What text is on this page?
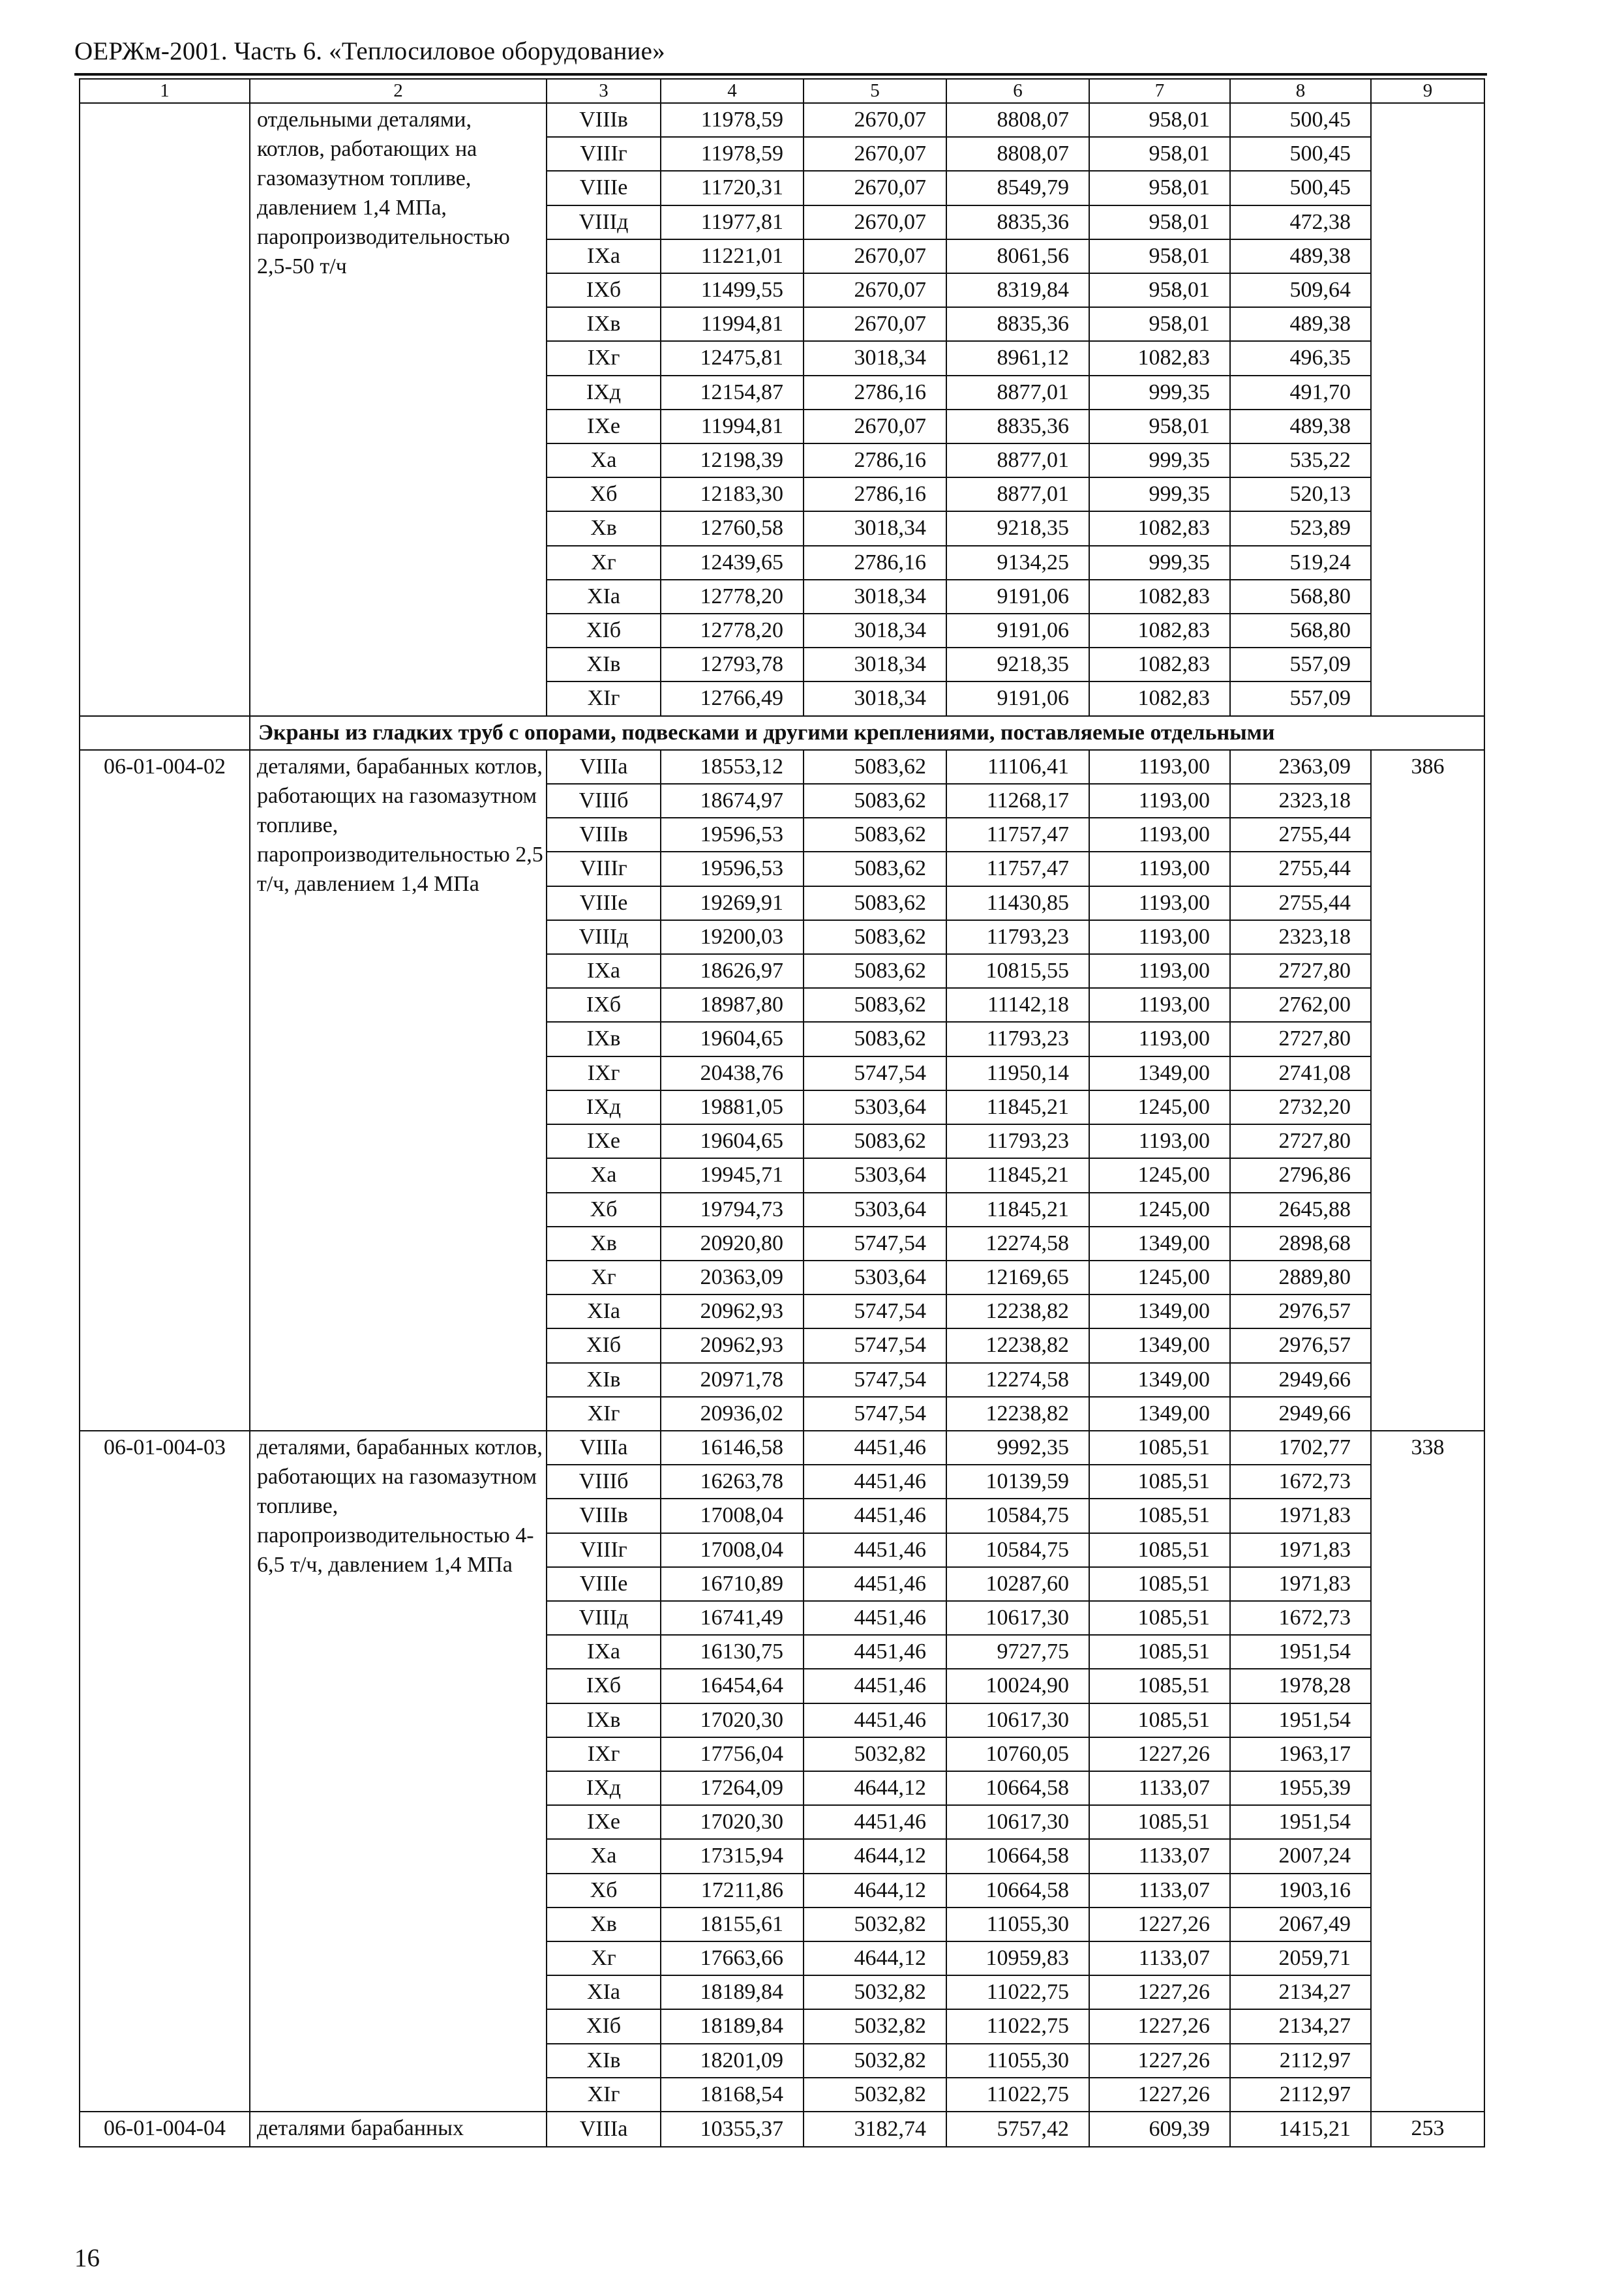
ОЕРЖм-2001. Часть 6. «Теплосиловое оборудование»
1	2	3	4	5	6	7	8	9
	отдельными деталями, котлов, работающих на газомазутном топливе, давлением 1,4 МПа, паропроизводительностью 2,5-50 т/ч	VIIIв	11978,59	2670,07	8808,07	958,01	500,45	
		VIIIг	11978,59	2670,07	8808,07	958,01	500,45	
		VIIIе	11720,31	2670,07	8549,79	958,01	500,45	
		VIIIд	11977,81	2670,07	8835,36	958,01	472,38	
		IXа	11221,01	2670,07	8061,56	958,01	489,38	
		IXб	11499,55	2670,07	8319,84	958,01	509,64	
		IXв	11994,81	2670,07	8835,36	958,01	489,38	
		IXг	12475,81	3018,34	8961,12	1082,83	496,35	
		IXд	12154,87	2786,16	8877,01	999,35	491,70	
		IXе	11994,81	2670,07	8835,36	958,01	489,38	
		Xа	12198,39	2786,16	8877,01	999,35	535,22	
		Xб	12183,30	2786,16	8877,01	999,35	520,13	
		Xв	12760,58	3018,34	9218,35	1082,83	523,89	
		Xг	12439,65	2786,16	9134,25	999,35	519,24	
		XIа	12778,20	3018,34	9191,06	1082,83	568,80	
		XIб	12778,20	3018,34	9191,06	1082,83	568,80	
		XIв	12793,78	3018,34	9218,35	1082,83	557,09	
		XIг	12766,49	3018,34	9191,06	1082,83	557,09	
	Экраны из гладких труб с опорами, подвесками и другими креплениями, поставляемые отдельными							
06-01-004-02	деталями, барабанных котлов, работающих на газомазутном топливе, паропроизводительностью 2,5 т/ч, давлением 1,4 МПа	VIIIа	18553,12	5083,62	11106,41	1193,00	2363,09	386
		VIIIб	18674,97	5083,62	11268,17	1193,00	2323,18	
		VIIIв	19596,53	5083,62	11757,47	1193,00	2755,44	
		VIIIг	19596,53	5083,62	11757,47	1193,00	2755,44	
		VIIIе	19269,91	5083,62	11430,85	1193,00	2755,44	
		VIIIд	19200,03	5083,62	11793,23	1193,00	2323,18	
		IXа	18626,97	5083,62	10815,55	1193,00	2727,80	
		IXб	18987,80	5083,62	11142,18	1193,00	2762,00	
		IXв	19604,65	5083,62	11793,23	1193,00	2727,80	
		IXг	20438,76	5747,54	11950,14	1349,00	2741,08	
		IXд	19881,05	5303,64	11845,21	1245,00	2732,20	
		IXе	19604,65	5083,62	11793,23	1193,00	2727,80	
		Xа	19945,71	5303,64	11845,21	1245,00	2796,86	
		Xб	19794,73	5303,64	11845,21	1245,00	2645,88	
		Xв	20920,80	5747,54	12274,58	1349,00	2898,68	
		Xг	20363,09	5303,64	12169,65	1245,00	2889,80	
		XIа	20962,93	5747,54	12238,82	1349,00	2976,57	
		XIб	20962,93	5747,54	12238,82	1349,00	2976,57	
		XIв	20971,78	5747,54	12274,58	1349,00	2949,66	
		XIг	20936,02	5747,54	12238,82	1349,00	2949,66	
06-01-004-03	деталями, барабанных котлов, работающих на газомазутном топливе, паропроизводительностью 4-6,5 т/ч, давлением 1,4 МПа	VIIIа	16146,58	4451,46	9992,35	1085,51	1702,77	338
		VIIIб	16263,78	4451,46	10139,59	1085,51	1672,73	
		VIIIв	17008,04	4451,46	10584,75	1085,51	1971,83	
		VIIIг	17008,04	4451,46	10584,75	1085,51	1971,83	
		VIIIе	16710,89	4451,46	10287,60	1085,51	1971,83	
		VIIIд	16741,49	4451,46	10617,30	1085,51	1672,73	
		IXа	16130,75	4451,46	9727,75	1085,51	1951,54	
		IXб	16454,64	4451,46	10024,90	1085,51	1978,28	
		IXв	17020,30	4451,46	10617,30	1085,51	1951,54	
		IXг	17756,04	5032,82	10760,05	1227,26	1963,17	
		IXд	17264,09	4644,12	10664,58	1133,07	1955,39	
		IXе	17020,30	4451,46	10617,30	1085,51	1951,54	
		Xа	17315,94	4644,12	10664,58	1133,07	2007,24	
		Xб	17211,86	4644,12	10664,58	1133,07	1903,16	
		Xв	18155,61	5032,82	11055,30	1227,26	2067,49	
		Xг	17663,66	4644,12	10959,83	1133,07	2059,71	
		XIа	18189,84	5032,82	11022,75	1227,26	2134,27	
		XIб	18189,84	5032,82	11022,75	1227,26	2134,27	
		XIв	18201,09	5032,82	11055,30	1227,26	2112,97	
		XIг	18168,54	5032,82	11022,75	1227,26	2112,97	
06-01-004-04	деталями барабанных	VIIIа	10355,37	3182,74	5757,42	609,39	1415,21	253
16
